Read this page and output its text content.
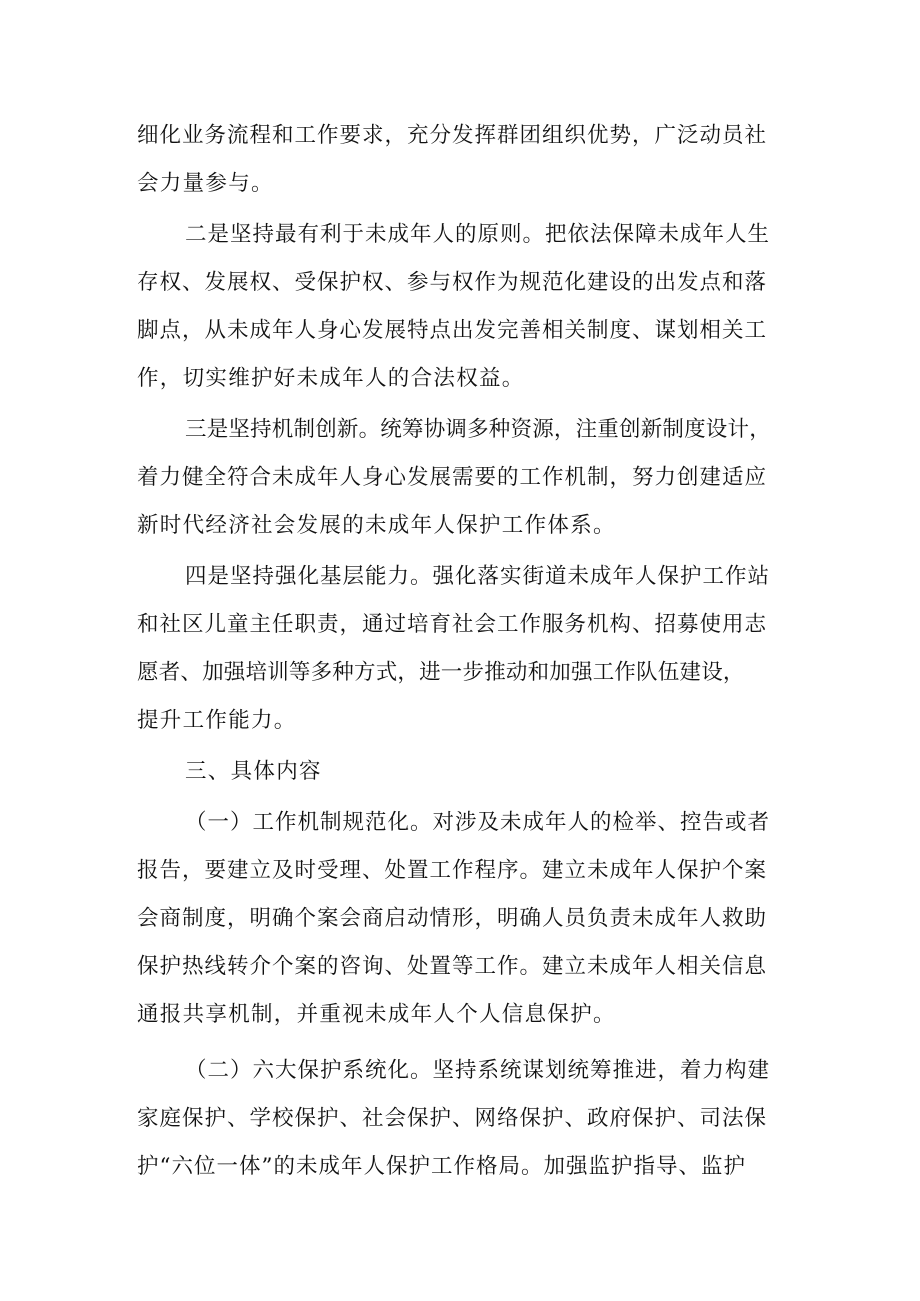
细化业务流程和工作要求，充分发挥群团组织优势，广泛动员社
会力量参与。
二是坚持最有利于未成年人的原则。把依法保障未成年人生
存权、发展权、受保护权、参与权作为规范化建设的出发点和落
脚点，从未成年人身心发展特点出发完善相关制度、谋划相关工
作，切实维护好未成年人的合法权益。
三是坚持机制创新。统筹协调多种资源，注重创新制度设计，
着力健全符合未成年人身心发展需要的工作机制，努力创建适应
新时代经济社会发展的未成年人保护工作体系。
四是坚持强化基层能力。强化落实街道未成年人保护工作站
和社区儿童主任职责，通过培育社会工作服务机构、招募使用志
愿者、加强培训等多种方式，进一步推动和加强工作队伍建设，
提升工作能力。
三、具体内容
（一）工作机制规范化。对涉及未成年人的检举、控告或者
报告，要建立及时受理、处置工作程序。建立未成年人保护个案
会商制度，明确个案会商启动情形，明确人员负责未成年人救助
保护热线转介个案的咨询、处置等工作。建立未成年人相关信息
通报共享机制，并重视未成年人个人信息保护。
（二）六大保护系统化。坚持系统谋划统筹推进，着力构建
家庭保护、学校保护、社会保护、网络保护、政府保护、司法保
护“六位一体”的未成年人保护工作格局。加强监护指导、监护
